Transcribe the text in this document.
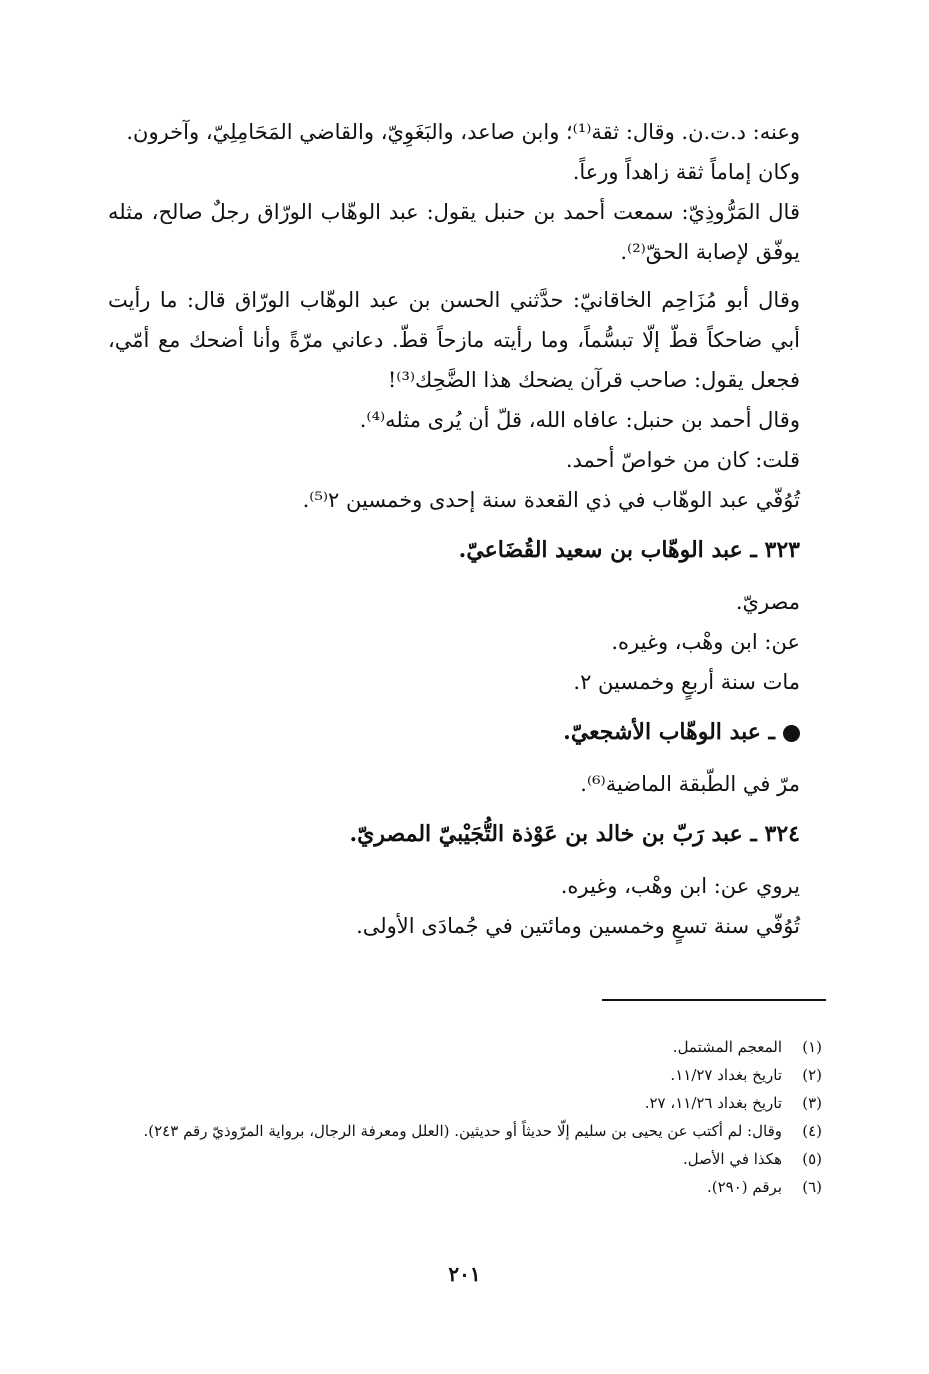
وعنه: د.ت.ن. وقال: ثقة⁽¹⁾؛ وابن صاعد، والبَغَوِيّ، والقاضي المَحَامِلِيّ، وآخرون.

وكان إماماً ثقة زاهداً ورعاً.

قال المَرُّوذِيّ: سمعت أحمد بن حنبل يقول: عبد الوهّاب الورّاق رجلٌ صالح، مثله يوفّق لإصابة الحقّ⁽²⁾.

وقال أبو مُزَاحِم الخاقانيّ: حدَّثني الحسن بن عبد الوهّاب الورّاق قال: ما رأيت أبي ضاحكاً قطّ إلّا تبسُّماً، وما رأيته مازحاً قطّ. دعاني مرّةً وأنا أضحك مع أمّي، فجعل يقول: صاحب قرآن يضحك هذا الضَّحِك⁽³⁾!

وقال أحمد بن حنبل: عافاه الله، قلّ أن يُرى مثله⁽⁴⁾.

قلت: كان من خواصّ أحمد.

تُوُفّي عبد الوهّاب في ذي القعدة سنة إحدى وخمسين ٢⁽⁵⁾.

٣٢٣ ـ عبد الوهّاب بن سعيد القُضَاعيّ.

مصريّ.

عن: ابن وهْب، وغيره.

مات سنة أربعٍ وخمسين ٢.

ـ عبد الوهّاب الأشجعيّ.

مرّ في الطّبقة الماضية⁽⁶⁾.

٣٢٤ ـ عبد رَبّ بن خالد بن عَوْذة التُّجَيْبيّ المصريّ.

يروي عن: ابن وهْب، وغيره.

تُوُفّي سنة تسعٍ وخمسين ومائتين في جُمادَى الأولى.

(١)
المعجم المشتمل.
(٢)
تاريخ بغداد ١١/٢٧.
(٣)
تاريخ بغداد ١١/٢٦، ٢٧.
(٤)
وقال: لم أكتب عن يحيى بن سليم إلّا حديثاً أو حديثين. (العلل ومعرفة الرجال، برواية المرّوذيّ رقم ٢٤٣).
(٥)
هكذا في الأصل.
(٦)
برقم (٢٩٠).
٢٠١
